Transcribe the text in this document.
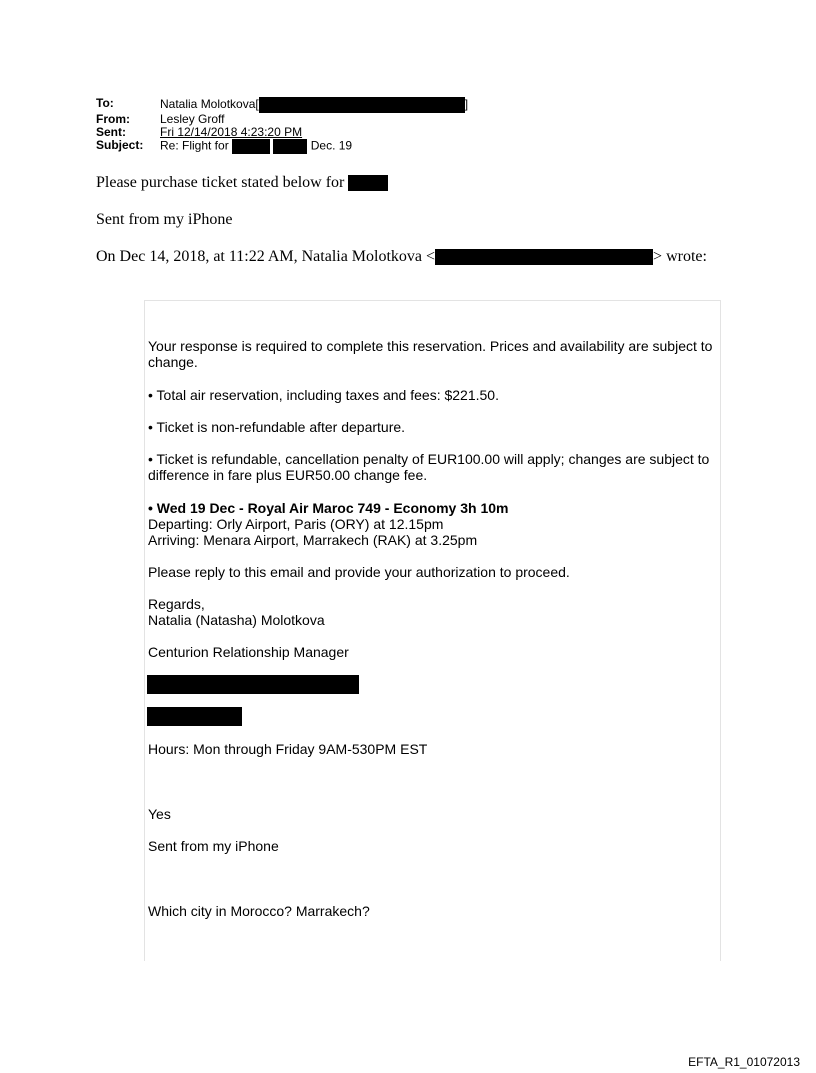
To:	Natalia Molotkova[	]
From:	Lesley Groff
Sent:	Fri 12/14/2018 4:23:20 PM
Subject:	Re: Flight for	Dec. 19
Please purchase ticket stated below for
Sent from my iPhone
On Dec 14, 2018, at 11:22 AM, Natalia Molotkova <	> wrote:
Your response is required to complete this reservation. Prices and availability are subject to change.
• Total air reservation, including taxes and fees: $221.50.
• Ticket is non-refundable after departure.
• Ticket is refundable, cancellation penalty of EUR100.00 will apply; changes are subject to difference in fare plus EUR50.00 change fee.
• Wed 19 Dec - Royal Air Maroc 749 - Economy 3h 10m
Departing: Orly Airport, Paris (ORY) at 12.15pm
Arriving: Menara Airport, Marrakech (RAK) at 3.25pm
Please reply to this email and provide your authorization to proceed.
Regards,
Natalia (Natasha) Molotkova
Centurion Relationship Manager
Hours: Mon through Friday 9AM-530PM EST
Yes
Sent from my iPhone
Which city in Morocco? Marrakech?
EFTA_R1_01072013
